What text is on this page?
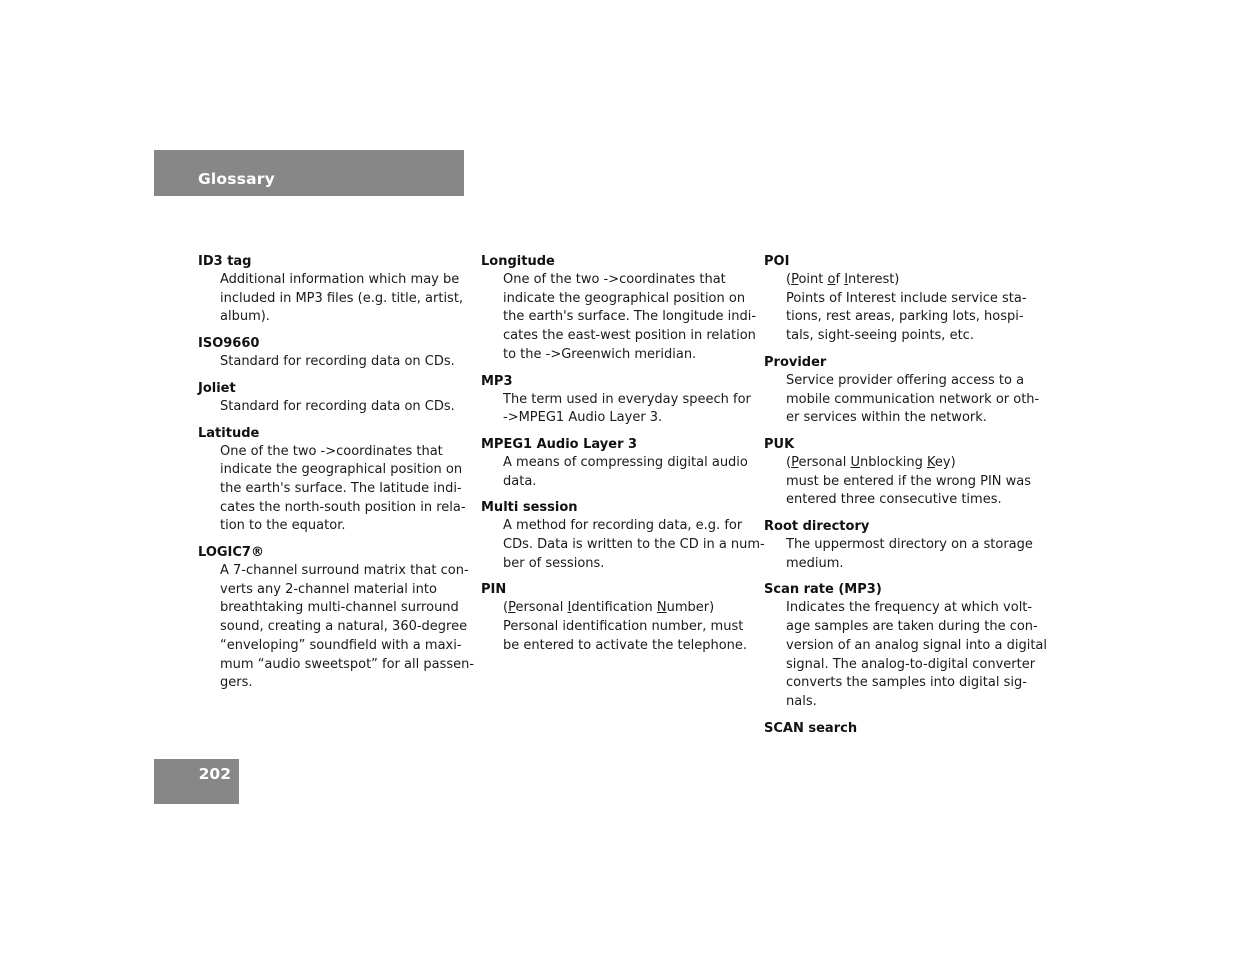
Glossary
ID3 tag
Additional information which may be
included in MP3 files (e.g. title, artist,
album).
ISO9660
Standard for recording data on CDs.
Joliet
Standard for recording data on CDs.
Latitude
One of the two ->coordinates that
indicate the geographical position on
the earth's surface. The latitude indi-
cates the north-south position in rela-
tion to the equator.
LOGIC7®
A 7-channel surround matrix that con-
verts any 2-channel material into
breathtaking multi-channel surround
sound, creating a natural, 360-degree
“enveloping” soundfield with a maxi-
mum “audio sweetspot” for all passen-
gers.
Longitude
One of the two ->coordinates that
indicate the geographical position on
the earth's surface. The longitude indi-
cates the east-west position in relation
to the ->Greenwich meridian.
MP3
The term used in everyday speech for
->MPEG1 Audio Layer 3.
MPEG1 Audio Layer 3
A means of compressing digital audio
data.
Multi session
A method for recording data, e.g. for
CDs. Data is written to the CD in a num-
ber of sessions.
PIN
(Personal Identification Number)
Personal identification number, must
be entered to activate the telephone.
POI
(Point of Interest)
Points of Interest include service sta-
tions, rest areas, parking lots, hospi-
tals, sight-seeing points, etc.
Provider
Service provider offering access to a
mobile communication network or oth-
er services within the network.
PUK
(Personal Unblocking Key)
must be entered if the wrong PIN was
entered three consecutive times.
Root directory
The uppermost directory on a storage
medium.
Scan rate (MP3)
Indicates the frequency at which volt-
age samples are taken during the con-
version of an analog signal into a digital
signal. The analog-to-digital converter
converts the samples into digital sig-
nals.
SCAN search
202
